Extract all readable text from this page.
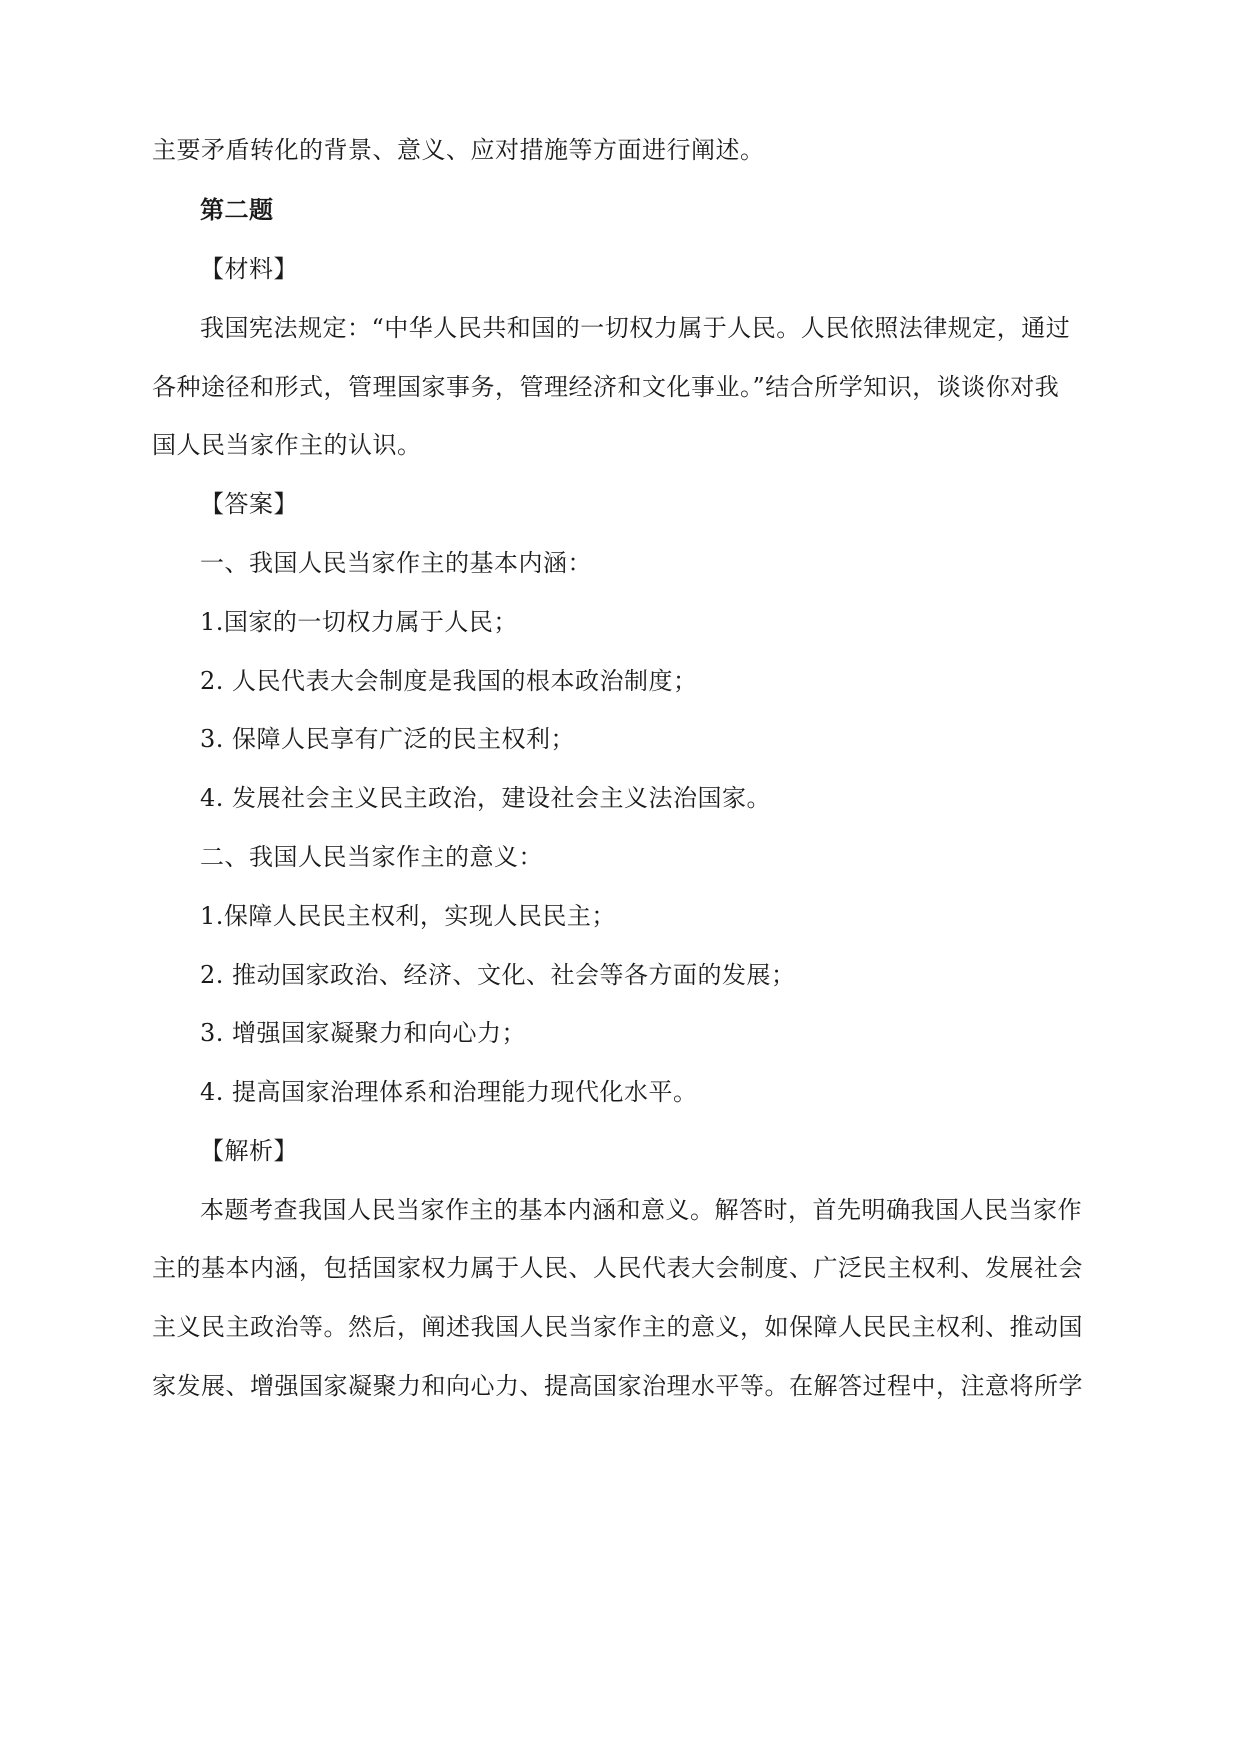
主要矛盾转化的背景、意义、应对措施等方面进行阐述。
第二题
【材料】
我国宪法规定：“中华人民共和国的一切权力属于人民。人民依照法律规定，通过
各种途径和形式，管理国家事务，管理经济和文化事业。”结合所学知识，谈谈你对我
国人民当家作主的认识。
【答案】
一、我国人民当家作主的基本内涵：
1.国家的一切权力属于人民；
2. 人民代表大会制度是我国的根本政治制度；
3. 保障人民享有广泛的民主权利；
4. 发展社会主义民主政治，建设社会主义法治国家。
二、我国人民当家作主的意义：
1.保障人民民主权利，实现人民民主；
2. 推动国家政治、经济、文化、社会等各方面的发展；
3. 增强国家凝聚力和向心力；
4. 提高国家治理体系和治理能力现代化水平。
【解析】
本题考查我国人民当家作主的基本内涵和意义。解答时，首先明确我国人民当家作
主的基本内涵，包括国家权力属于人民、人民代表大会制度、广泛民主权利、发展社会
主义民主政治等。然后，阐述我国人民当家作主的意义，如保障人民民主权利、推动国
家发展、增强国家凝聚力和向心力、提高国家治理水平等。在解答过程中，注意将所学
